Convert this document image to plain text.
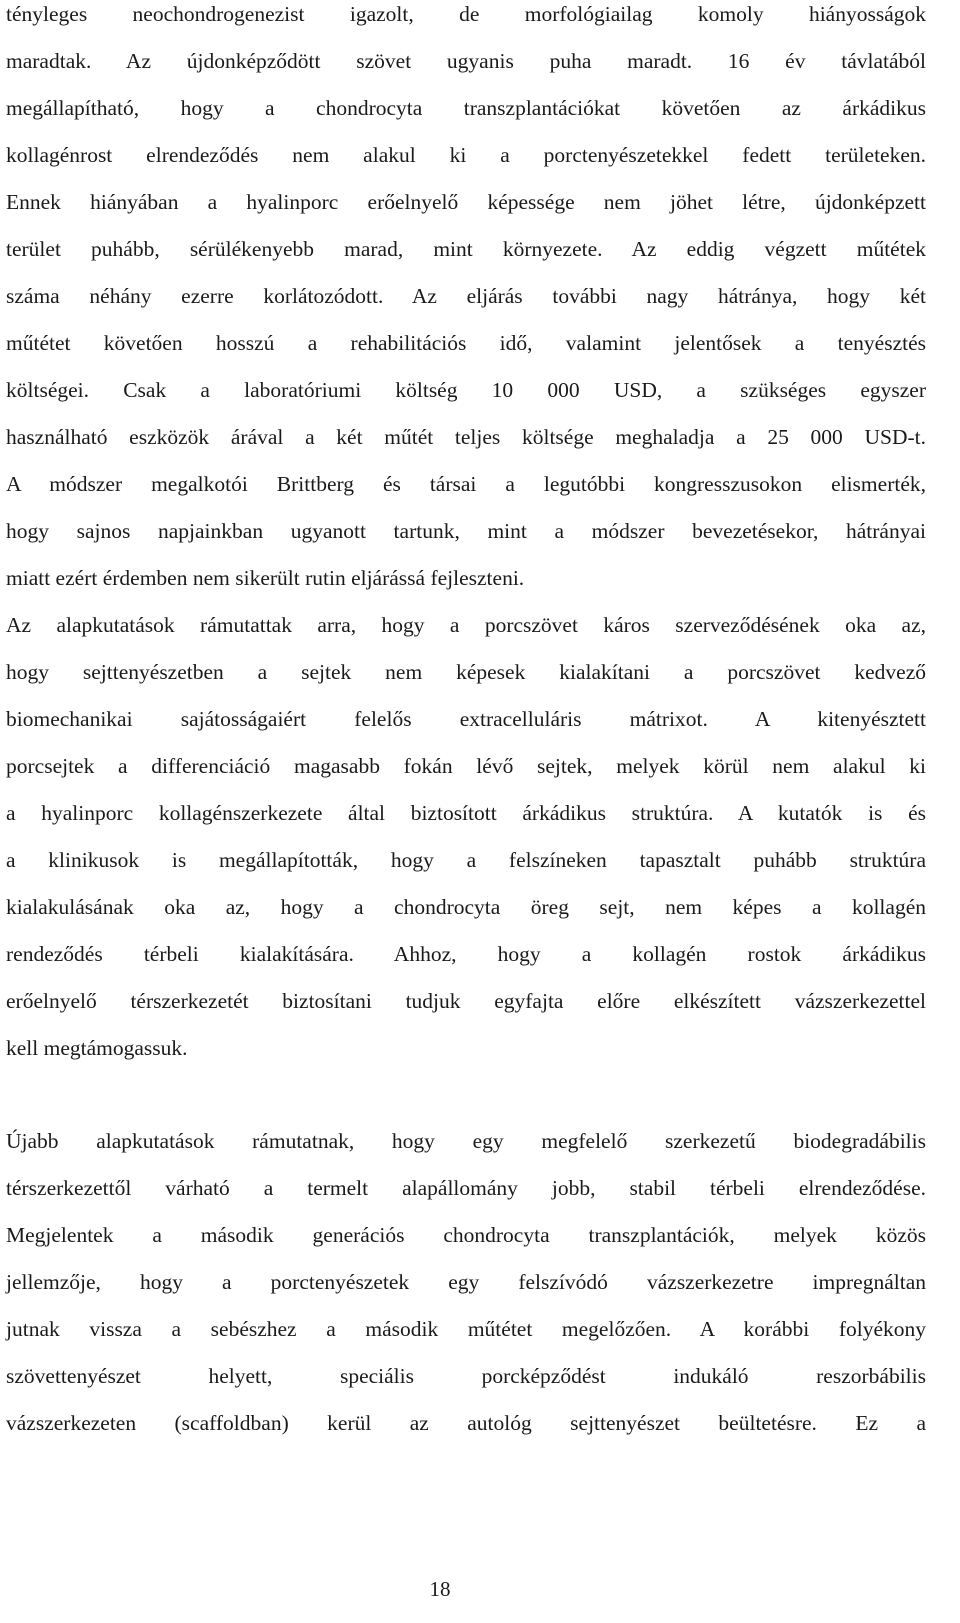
tényleges neochondrogenezist igazolt, de morfológiailag komoly hiányosságok
maradtak. Az újdonképződött szövet ugyanis puha maradt. 16 év távlatából
megállapítható, hogy a chondrocyta transzplantációkat követően az árkádikus
kollagénrost elrendeződés nem alakul ki a porctenyészetekkel fedett területeken.
Ennek hiányában a hyalinporc erőelnyelő képessége nem jöhet létre, újdonképzett
terület puhább, sérülékenyebb marad, mint környezete. Az eddig végzett műtétek
száma néhány ezerre korlátozódott. Az eljárás további nagy hátránya, hogy két
műtétet követően hosszú a rehabilitációs idő, valamint jelentősek a tenyésztés
költségei. Csak a laboratóriumi költség 10 000 USD, a szükséges egyszer
használható eszközök árával a két műtét teljes költsége meghaladja a 25 000 USD-t.
A módszer megalkotói Brittberg és társai a legutóbbi kongresszusokon elismerték,
hogy sajnos napjainkban ugyanott tartunk, mint a módszer bevezetésekor, hátrányai
miatt ezért érdemben nem sikerült rutin eljárássá fejleszteni.
Az alapkutatások rámutattak arra, hogy a porcszövet káros szerveződésének oka az,
hogy sejttenyészetben a sejtek nem képesek kialakítani a porcszövet kedvező
biomechanikai sajátosságaiért felelős extracelluláris mátrixot. A kitenyésztett
porcsejtek a differenciáció magasabb fokán lévő sejtek, melyek körül nem alakul ki
a hyalinporc kollagénszerkezete által biztosított árkádikus struktúra. A kutatók is és
a klinikusok is megállapították, hogy a felszíneken tapasztalt puhább struktúra
kialakulásának oka az, hogy a chondrocyta öreg sejt, nem képes a kollagén
rendeződés térbeli kialakítására. Ahhoz, hogy a kollagén rostok árkádikus
erőelnyelő térszerkezetét biztosítani tudjuk egyfajta előre elkészített vázszerkezettel
kell megtámogassuk.
Újabb alapkutatások rámutatnak, hogy egy megfelelő szerkezetű biodegradábilis
térszerkezettől várható a termelt alapállomány jobb, stabil térbeli elrendeződése.
Megjelentek a második generációs chondrocyta transzplantációk, melyek közös
jellemzője, hogy a porctenyészetek egy felszívódó vázszerkezetre impregnáltan
jutnak vissza a sebészhez a második műtétet megelőzően. A korábbi folyékony
szövettenyészet helyett, speciális porcképződést indukáló reszorbábilis
vázszerkezeten (scaffoldban) kerül az autológ sejttenyészet beültetésre. Ez a
18
